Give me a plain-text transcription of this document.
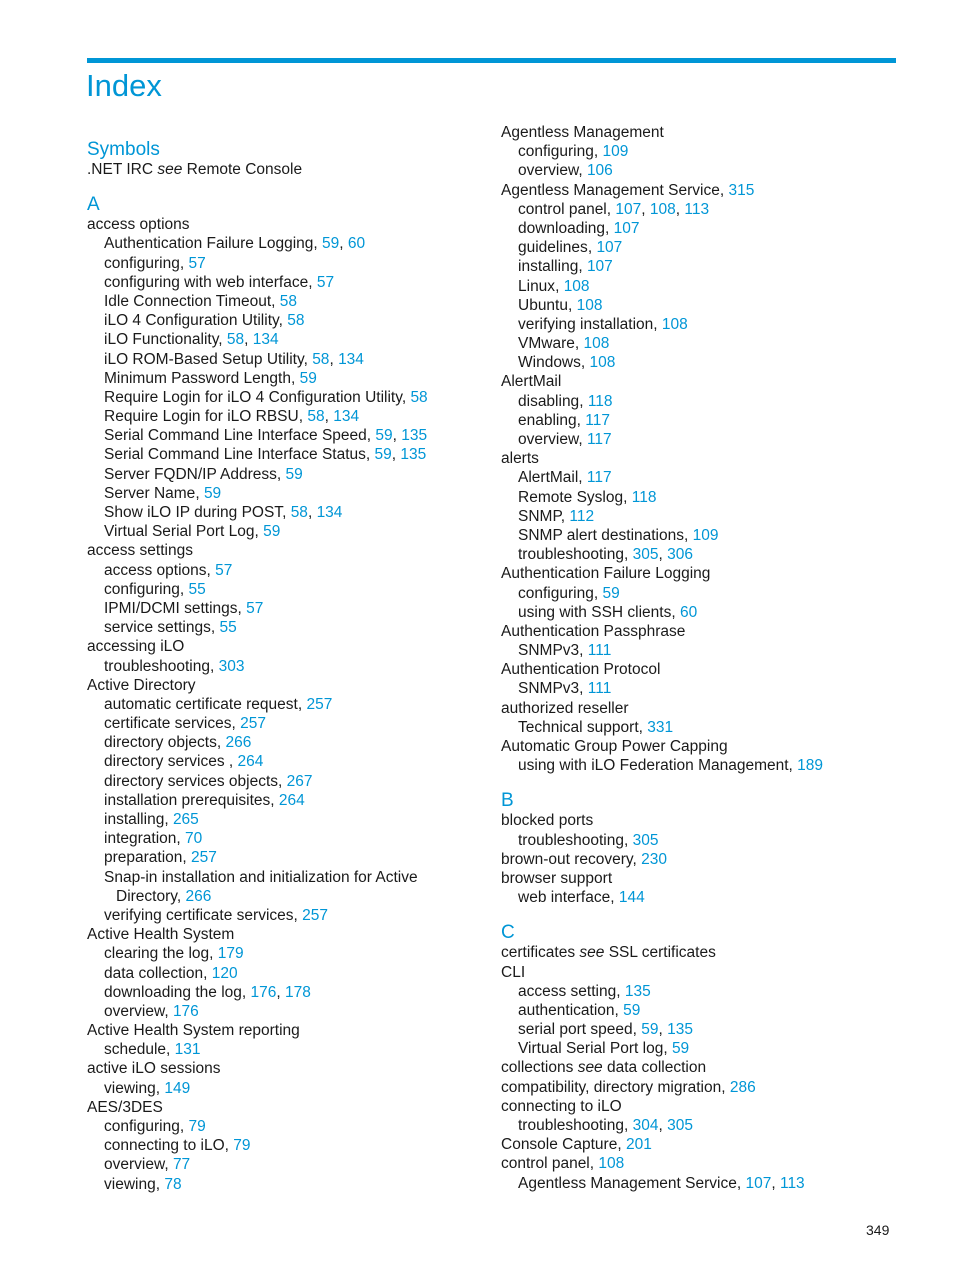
Index
Symbols
.NET IRC see Remote Console
A
access options
Authentication Failure Logging, 59, 60
configuring, 57
configuring with web interface, 57
Idle Connection Timeout, 58
iLO 4 Configuration Utility, 58
iLO Functionality, 58, 134
iLO ROM-Based Setup Utility, 58, 134
Minimum Password Length, 59
Require Login for iLO 4 Configuration Utility, 58
Require Login for iLO RBSU, 58, 134
Serial Command Line Interface Speed, 59, 135
Serial Command Line Interface Status, 59, 135
Server FQDN/IP Address, 59
Server Name, 59
Show iLO IP during POST, 58, 134
Virtual Serial Port Log, 59
access settings
access options, 57
configuring, 55
IPMI/DCMI settings, 57
service settings, 55
accessing iLO
troubleshooting, 303
Active Directory
automatic certificate request, 257
certificate services, 257
directory objects, 266
directory services , 264
directory services objects, 267
installation prerequisites, 264
installing, 265
integration, 70
preparation, 257
Snap-in installation and initialization for Active
Directory, 266
verifying certificate services, 257
Active Health System
clearing the log, 179
data collection, 120
downloading the log, 176, 178
overview, 176
Active Health System reporting
schedule, 131
active iLO sessions
viewing, 149
AES/3DES
configuring, 79
connecting to iLO, 79
overview, 77
viewing, 78
Agentless Management
configuring, 109
overview, 106
Agentless Management Service, 315
control panel, 107, 108, 113
downloading, 107
guidelines, 107
installing, 107
Linux, 108
Ubuntu, 108
verifying installation, 108
VMware, 108
Windows, 108
AlertMail
disabling, 118
enabling, 117
overview, 117
alerts
AlertMail, 117
Remote Syslog, 118
SNMP, 112
SNMP alert destinations, 109
troubleshooting, 305, 306
Authentication Failure Logging
configuring, 59
using with SSH clients, 60
Authentication Passphrase
SNMPv3, 111
Authentication Protocol
SNMPv3, 111
authorized reseller
Technical support, 331
Automatic Group Power Capping
using with iLO Federation Management, 189
B
blocked ports
troubleshooting, 305
brown-out recovery, 230
browser support
web interface, 144
C
certificates see SSL certificates
CLI
access setting, 135
authentication, 59
serial port speed, 59, 135
Virtual Serial Port log, 59
collections see data collection
compatibility, directory migration, 286
connecting to iLO
troubleshooting, 304, 305
Console Capture, 201
control panel, 108
Agentless Management Service, 107, 113
349
